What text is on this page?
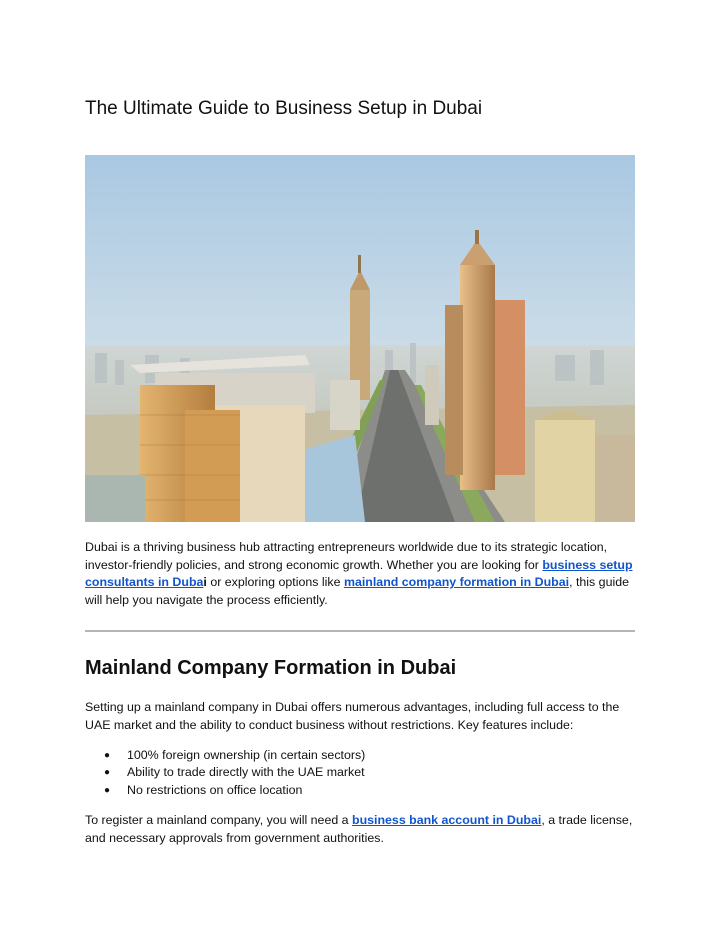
The Ultimate Guide to Business Setup in Dubai

Dubai is a thriving business hub attracting entrepreneurs worldwide due to its strategic location, investor-friendly policies, and strong economic growth. Whether you are looking for business setup consultants in Dubai or exploring options like mainland company formation in Dubai, this guide will help you navigate the process efficiently.

Mainland Company Formation in Dubai

Setting up a mainland company in Dubai offers numerous advantages, including full access to the UAE market and the ability to conduct business without restrictions. Key features include:

● 100% foreign ownership (in certain sectors)
● Ability to trade directly with the UAE market
● No restrictions on office location

To register a mainland company, you will need a business bank account in Dubai, a trade license, and necessary approvals from government authorities.
